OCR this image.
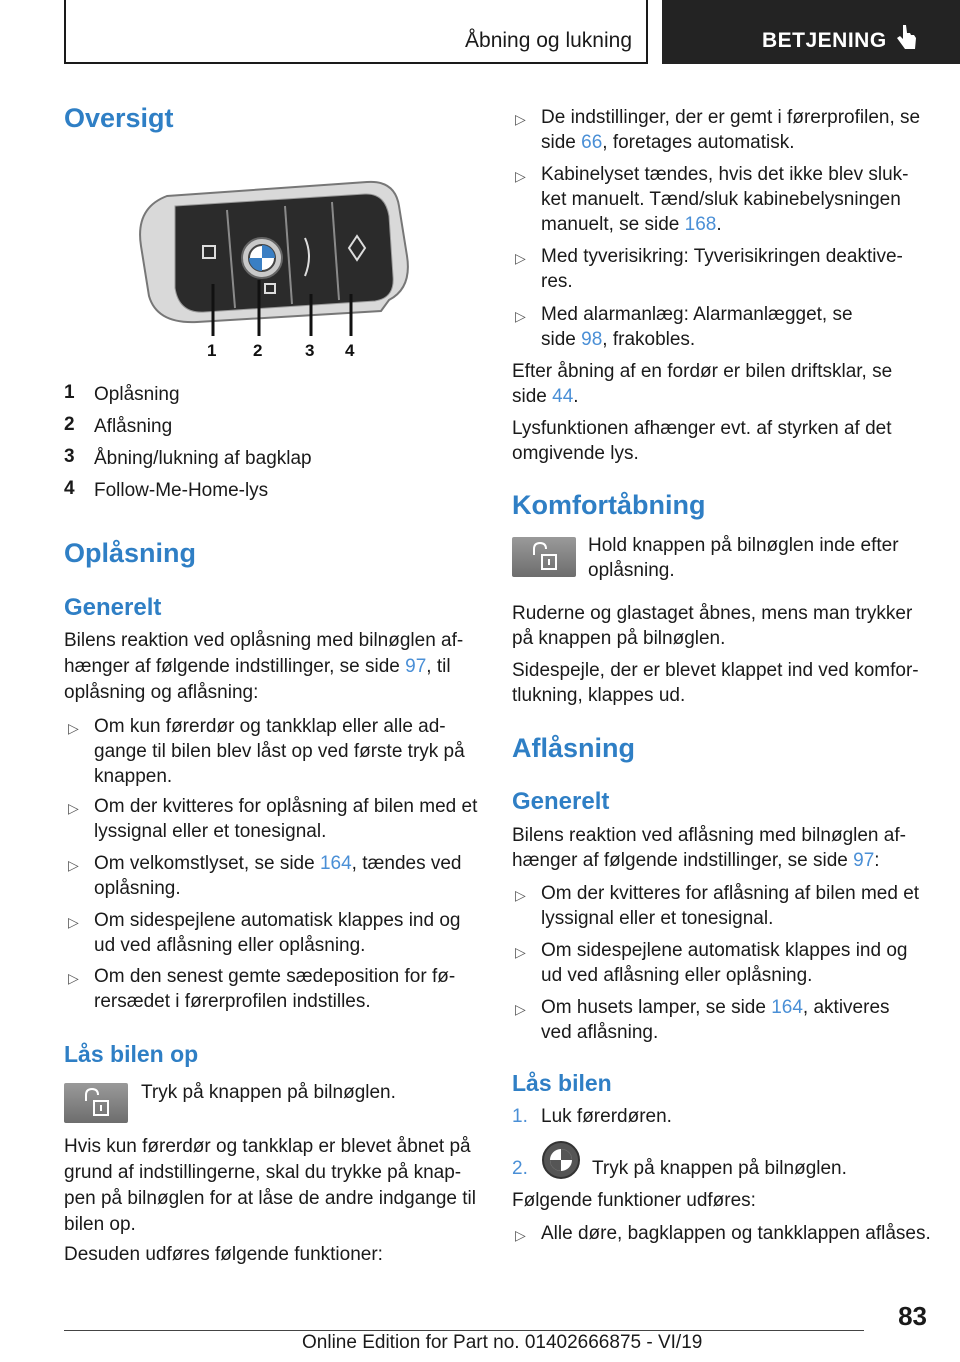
Åbning og lukning	BETJENING
Oversigt
1 2	3 4
1 Oplåsning
2 Aflåsning
3 Åbning/lukning af bagklap
4 Follow-Me-Home-lys
Oplåsning
Generelt

Bilens reaktion ved oplåsning med bilnøglen af-

hænger af følgende indstillinger, se side 97, til

oplåsning og aflåsning:

▷ Om kun førerdør og tankklap eller alle ad-

gange til bilen blev låst op ved første tryk på

knappen.

▷ Om der kvitteres for oplåsning af bilen med et

lyssignal eller et tonesignal.

▷ Om velkomstlyset, se side 164, tændes ved

oplåsning.

▷ Om sidespejlene automatisk klappes ind og

ud ved aflåsning eller oplåsning.

▷ Om den senest gemte sædeposition for fø-

rersædet i førerprofilen indstilles.

Lås bilen op

Tryk på knappen på bilnøglen.

Hvis kun førerdør og tankklap er blevet åbnet på

grund af indstillingerne, skal du trykke på knap-

pen på bilnøglen for at låse de andre indgange til

bilen op.

Desuden udføres følgende funktioner:

▷ De indstillinger, der er gemt i førerprofilen, se

side 66, foretages automatisk.

▷ Kabinelyset tændes, hvis det ikke blev sluk-

ket manuelt. Tænd/sluk kabinebelysningen

manuelt, se side 168.

▷ Med tyverisikring: Tyverisikringen deaktive-

res.

▷ Med alarmanlæg: Alarmanlægget, se

side 98, frakobles.

Efter åbning af en fordør er bilen driftsklar, se

side 44.

Lysfunktionen afhænger evt. af styrken af det

omgivende lys.

Komfortåbning

Hold knappen på bilnøglen inde efter

oplåsning.

Ruderne og glastaget åbnes, mens man trykker

på knappen på bilnøglen.

Sidespejle, der er blevet klappet ind ved komfor-

tlukning, klappes ud.

Aflåsning
Generelt

Bilens reaktion ved aflåsning med bilnøglen af-

hænger af følgende indstillinger, se side 97:

▷ Om der kvitteres for aflåsning af bilen med et

lyssignal eller et tonesignal.

▷ Om sidespejlene automatisk klappes ind og

ud ved aflåsning eller oplåsning.

▷ Om husets lamper, se side 164, aktiveres

ved aflåsning.

Lås bilen
1. Luk førerdøren.

2.	Tryk på knappen på bilnøglen.

Følgende funktioner udføres:

▷ Alle døre, bagklappen og tankklappen aflåses.

83
Online Edition for Part no. 01402666875 - VI/19
